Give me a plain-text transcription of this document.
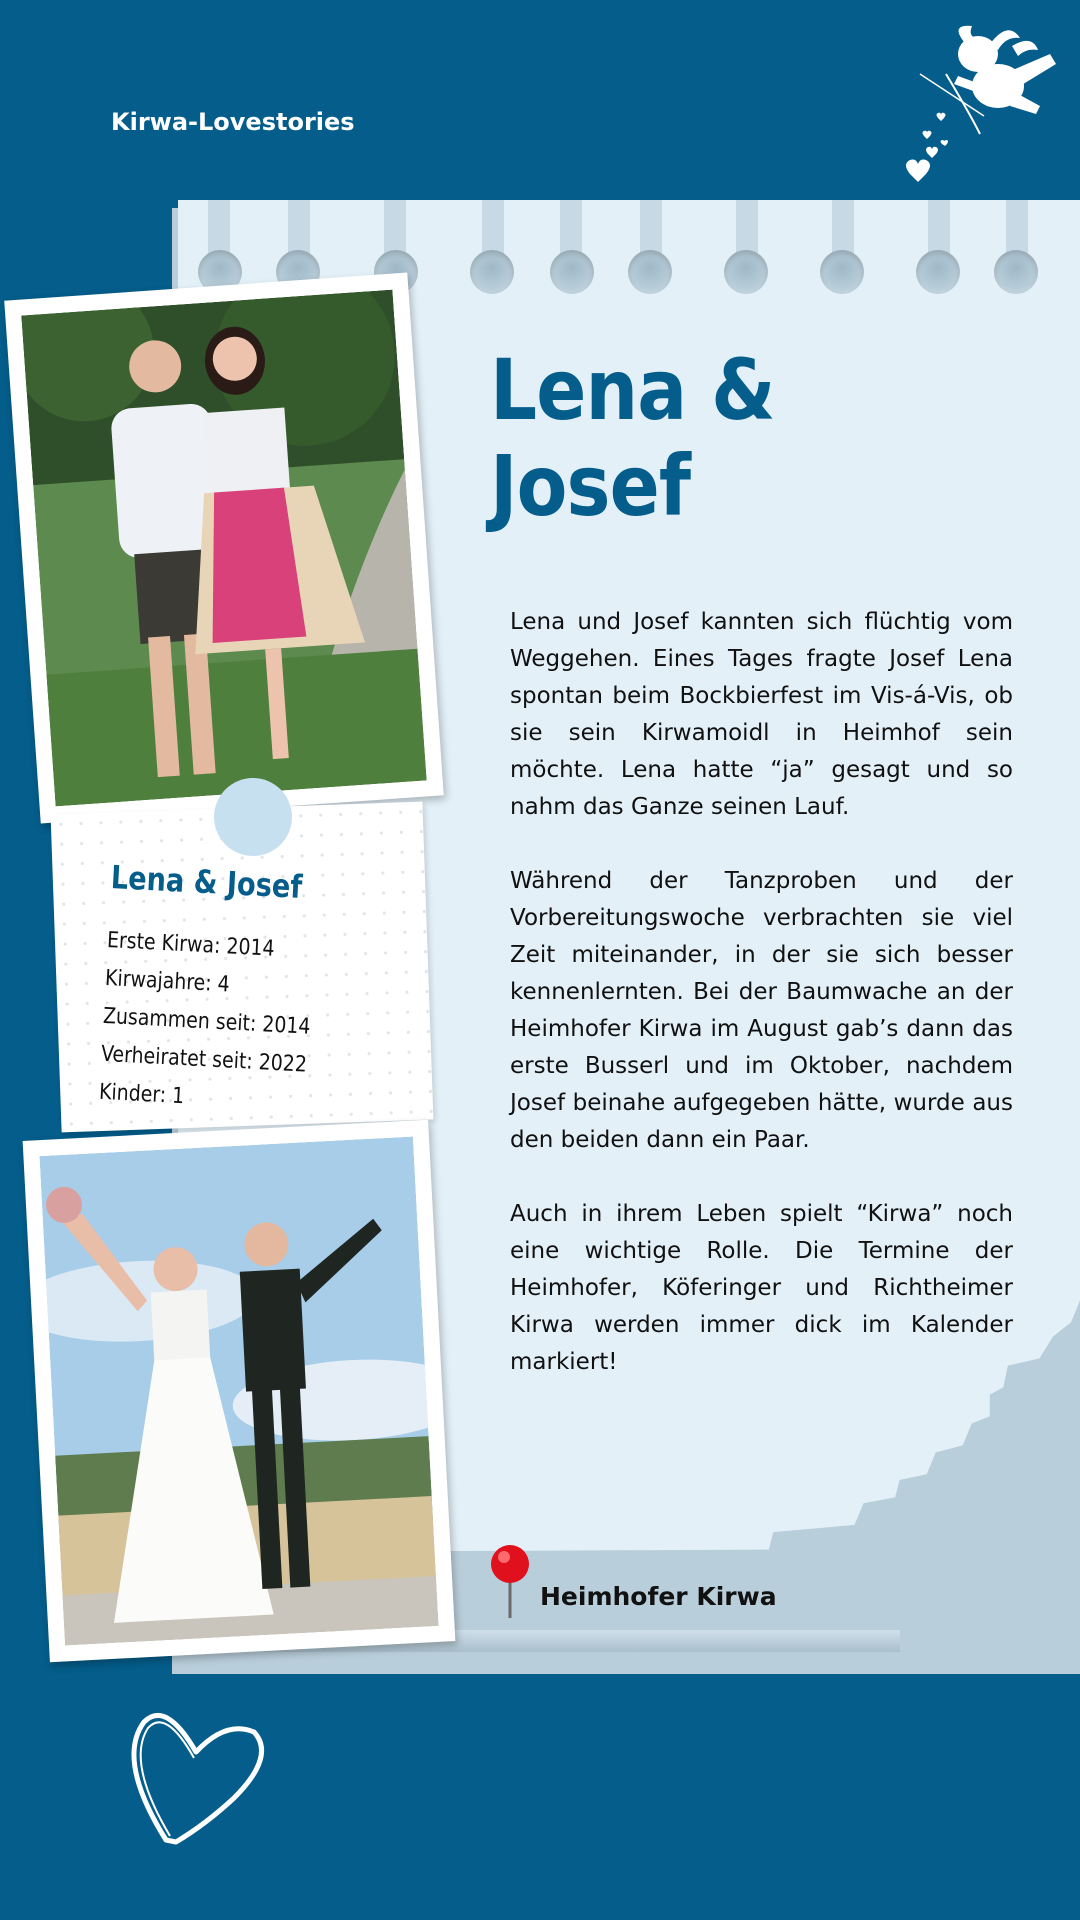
Kirwa-Lovestories
Lena &
Josef

Lena und Josef kannten sich flüchtig vom Weggehen. Eines Tages fragte Josef Lena spontan beim Bockbierfest im Vis-á-Vis, ob sie sein Kirwamoidl in Heimhof sein möchte. Lena hatte “ja” gesagt und so nahm das Ganze seinen Lauf.

Während der Tanzproben und der Vorbereitungswoche verbrachten sie viel Zeit miteinander, in der sie sich besser kennenlernten. Bei der Baumwache an der Heimhofer Kirwa im August gab’s dann das erste Busserl und im Oktober, nachdem Josef beinahe aufgegeben hätte, wurde aus den beiden dann ein Paar.

Auch in ihrem Leben spielt “Kirwa” noch eine wichtige Rolle. Die Termine der Heimhofer, Köferinger und Richtheimer Kirwa werden immer dick im Kalender markiert!

Lena & Josef
Erste Kirwa: 2014
Kirwajahre: 4
Zusammen seit: 2014
Verheiratet seit: 2022
Kinder: 1
Heimhofer Kirwa
